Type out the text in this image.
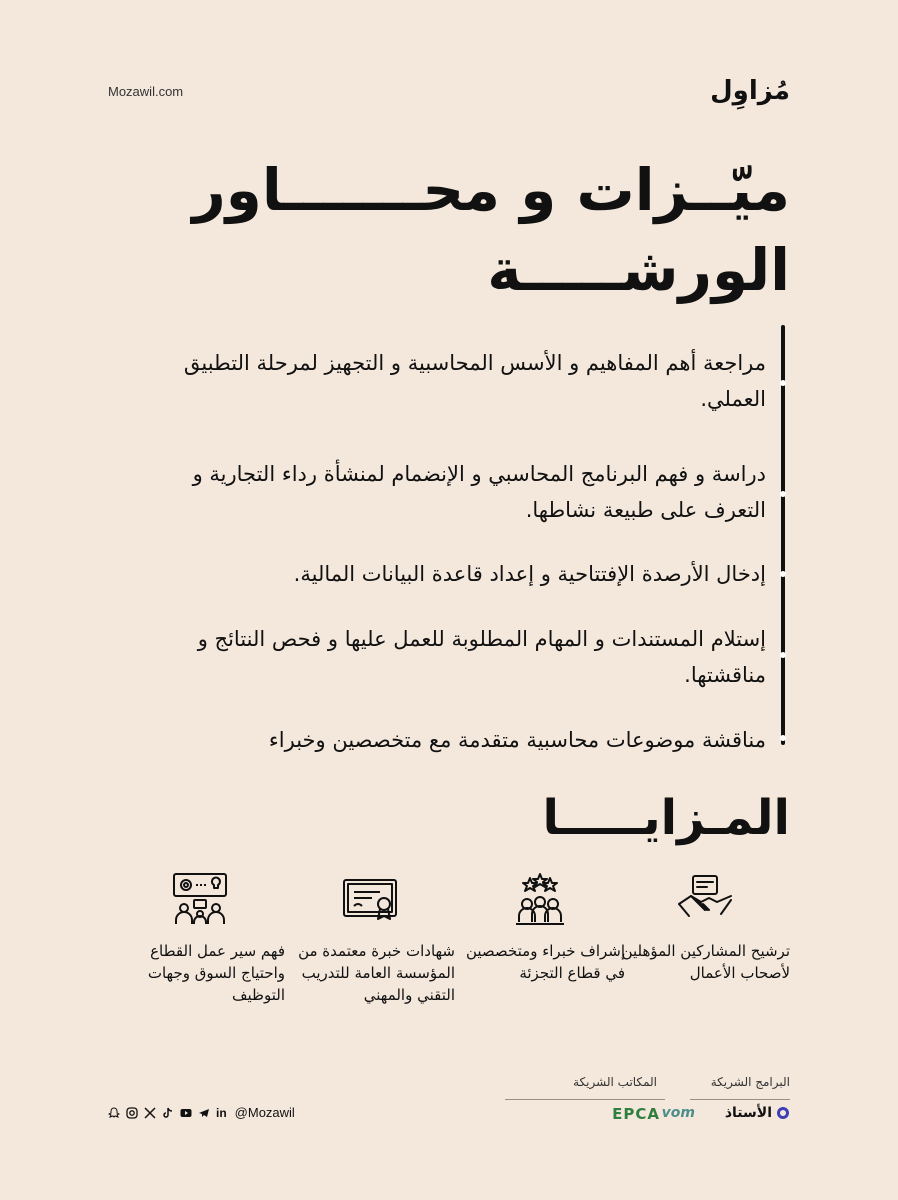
Mozawil.com	مُزاوِل
ميّــزات و محـــــــاور
الورشـــــة
مراجعة أهم المفاهيم و الأسس المحاسبية و التجهيز لمرحلة التطبيق العملي.
دراسة و فهم البرنامج المحاسبي و الإنضمام لمنشأة رداء التجارية و التعرف على طبيعة نشاطها.
إدخال الأرصدة الإفتتاحية و إعداد قاعدة البيانات المالية.
إستلام المستندات و المهام المطلوبة للعمل عليها و فحص النتائج و مناقشتها.
مناقشة موضوعات محاسبية متقدمة مع متخصصين وخبراء
المـزايـــــا
ترشيح المشاركين المؤهلين لأصحاب الأعمال
إشراف خبراء ومتخصصين في قطاع التجزئة
شهادات خبرة معتمدة من المؤسسة العامة للتدريب التقني والمهني
فهم سير عمل القطاع واحتياج السوق وجهات التوظيف
البرامج الشريكة
الأستاذ
vom
المكاتب الشريكة
EPCA
in @Mozawil
